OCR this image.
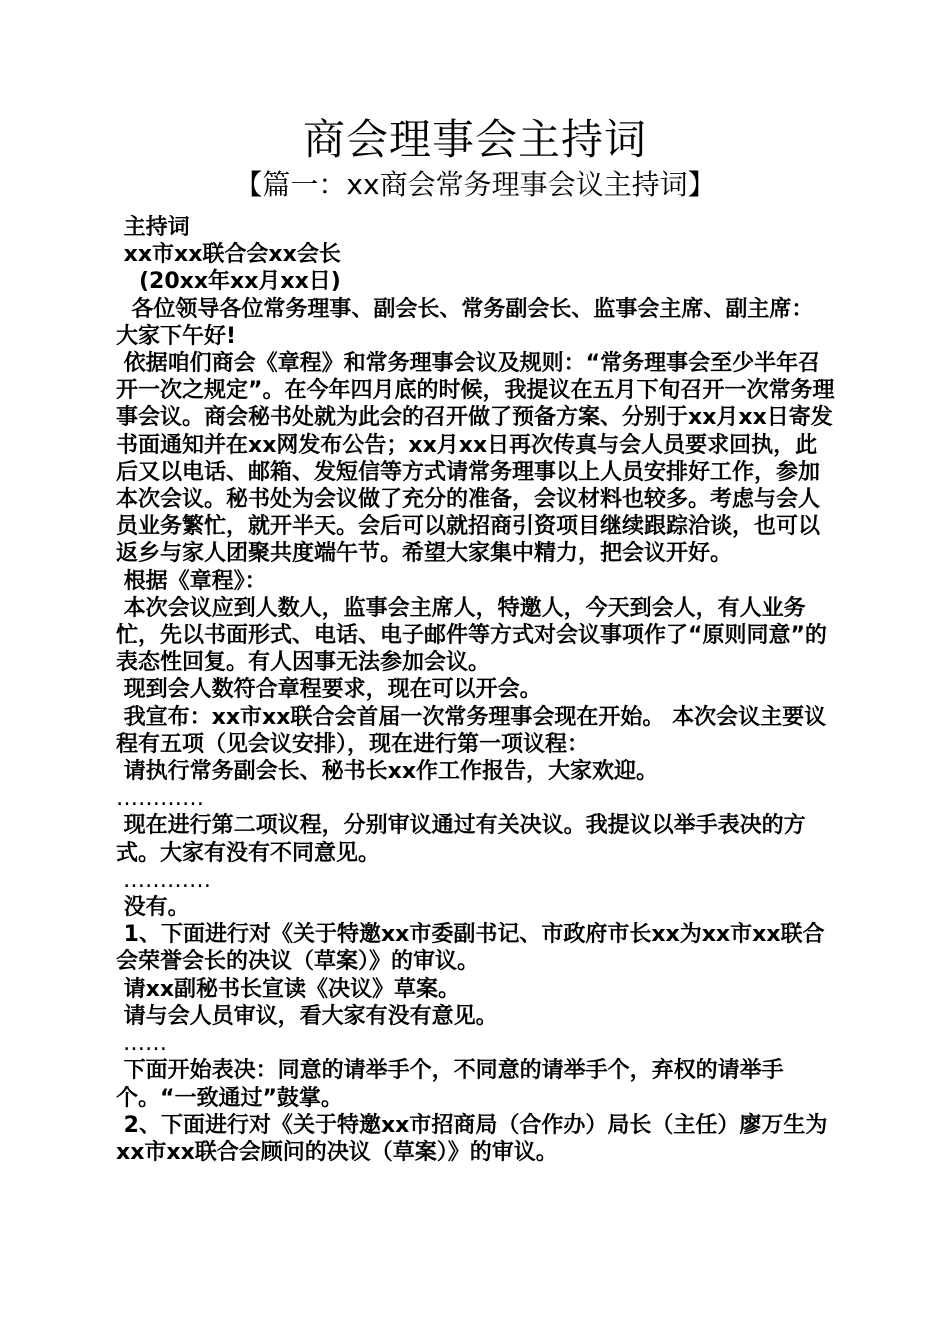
商会理事会主持词
【篇一：xx商会常务理事会议主持词】

主持词

xx市xx联合会xx会长

(20xx年xx月xx日)

各位领导各位常务理事、副会长、常务副会长、监事会主席、副主席： 大家下午好!

依据咱们商会《章程》和常务理事会议及规则：“常务理事会至少半年召开一次之规定”。在今年四月底的时候，我提议在五月下旬召开一次常务理事会议。商会秘书处就为此会的召开做了预备方案、分别于xx月xx日寄发书面通知并在xx网发布公告；xx月xx日再次传真与会人员要求回执，此后又以电话、邮箱、发短信等方式请常务理事以上人员安排好工作，参加本次会议。秘书处为会议做了充分的准备，会议材料也较多。考虑与会人员业务繁忙，就开半天。会后可以就招商引资项目继续跟踪洽谈，也可以返乡与家人团聚共度端午节。希望大家集中精力，把会议开好。

根据《章程》：

本次会议应到人数人，监事会主席人，特邀人，今天到会人，有人业务忙，先以书面形式、电话、电子邮件等方式对会议事项作了“原则同意”的表态性回复。有人因事无法参加会议。

现到会人数符合章程要求，现在可以开会。

我宣布：xx市xx联合会首届一次常务理事会现在开始。 本次会议主要议程有五项（见会议安排），现在进行第一项议程：

请执行常务副会长、秘书长xx作工作报告，大家欢迎。

…………

现在进行第二项议程，分别审议通过有关决议。我提议以举手表决的方式。大家有没有不同意见。

…………

没有。

1、下面进行对《关于特邀xx市委副书记、市政府市长xx为xx市xx联合会荣誉会长的决议（草案）》的审议。

请xx副秘书长宣读《决议》草案。

请与会人员审议，看大家有没有意见。

……

下面开始表决：同意的请举手个，不同意的请举手个，弃权的请举手个。“一致通过”鼓掌。

2、下面进行对《关于特邀xx市招商局（合作办）局长（主任）廖万生为xx市xx联合会顾问的决议（草案）》的审议。
